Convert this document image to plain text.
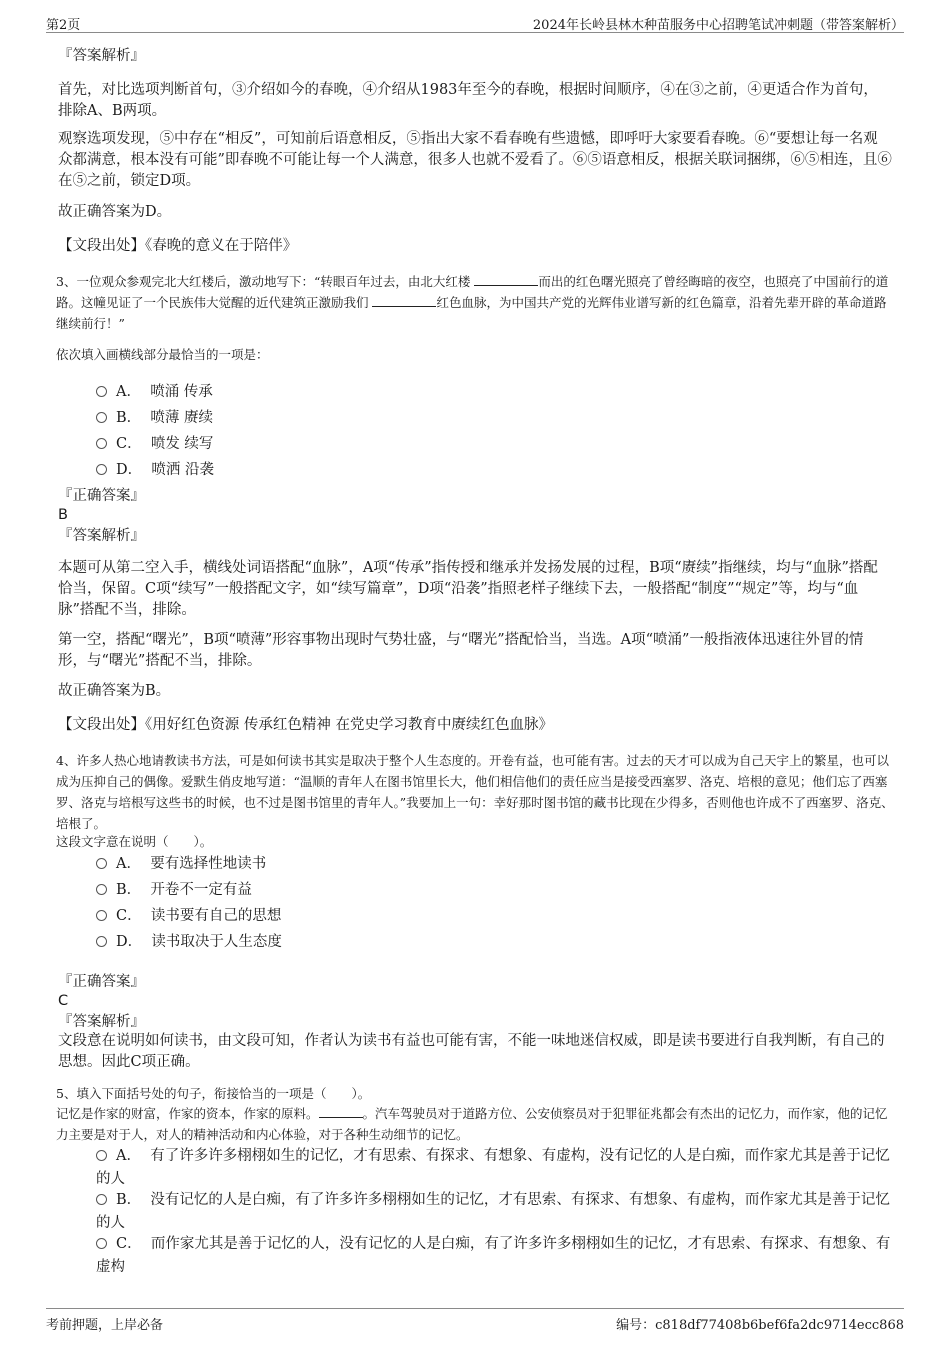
第2页	2024年长岭县林木种苗服务中心招聘笔试冲刺题（带答案解析）
『答案解析』
首先，对比选项判断首句，③介绍如今的春晚，④介绍从1983年至今的春晚，根据时间顺序，④在③之前，④更适合作为首句，排除A、B两项。
观察选项发现，⑤中存在“相反”，可知前后语意相反，⑤指出大家不看春晚有些遗憾，即呼吁大家要看春晚。⑥“要想让每一名观众都满意，根本没有可能”即春晚不可能让每一个人满意，很多人也就不爱看了。⑥⑤语意相反，根据关联词捆绑，⑥⑤相连，且⑥在⑤之前，锁定D项。
故正确答案为D。
【文段出处】《春晚的意义在于陪伴》
3、一位观众参观完北大红楼后，激动地写下：“转眼百年过去，由北大红楼	而出的红色曙光照亮了曾经晦暗的夜空，也照亮了中国前行的道路。这幢见证了一个民族伟大觉醒的近代建筑正激励我们	红色血脉，为中国共产党的光辉伟业谱写新的红色篇章，沿着先辈开辟的革命道路继续前行！”
依次填入画横线部分最恰当的一项是：
A． 喷涌 传承
B． 喷薄 赓续
C． 喷发 续写
D． 喷洒 沿袭
『正确答案』
B
『答案解析』
本题可从第二空入手，横线处词语搭配“血脉”，A项“传承”指传授和继承并发扬发展的过程，B项“赓续”指继续，均与“血脉”搭配恰当，保留。C项“续写”一般搭配文字，如“续写篇章”，D项“沿袭”指照老样子继续下去，一般搭配“制度”“规定”等，均与“血脉”搭配不当，排除。
第一空，搭配“曙光”，B项“喷薄”形容事物出现时气势壮盛，与“曙光”搭配恰当，当选。A项“喷涌”一般指液体迅速往外冒的情形，与“曙光”搭配不当，排除。
故正确答案为B。
【文段出处】《用好红色资源 传承红色精神 在党史学习教育中赓续红色血脉》
4、许多人热心地请教读书方法，可是如何读书其实是取决于整个人生态度的。开卷有益，也可能有害。过去的天才可以成为自己天宇上的繁星，也可以成为压抑自己的偶像。爱默生俏皮地写道：“温顺的青年人在图书馆里长大，他们相信他们的责任应当是接受西塞罗、洛克、培根的意见；他们忘了西塞罗、洛克与培根写这些书的时候，也不过是图书馆里的青年人。”我要加上一句：幸好那时图书馆的藏书比现在少得多，否则他也许成不了西塞罗、洛克、培根了。
这段文字意在说明（　　）。
A． 要有选择性地读书
B． 开卷不一定有益
C． 读书要有自己的思想
D． 读书取决于人生态度
『正确答案』
C
『答案解析』
文段意在说明如何读书，由文段可知，作者认为读书有益也可能有害，不能一味地迷信权威，即是读书要进行自我判断，有自己的思想。因此C项正确。
5、填入下面括号处的句子，衔接恰当的一项是（　　）。
记忆是作家的财富，作家的资本，作家的原料。	。汽车驾驶员对于道路方位、公安侦察员对于犯罪征兆都会有杰出的记忆力，而作家，他的记忆力主要是对于人，对人的精神活动和内心体验，对于各种生动细节的记忆。
A． 有了许多许多栩栩如生的记忆，才有思索、有探求、有想象、有虚构，没有记忆的人是白痴，而作家尤其是善于记忆的人
B． 没有记忆的人是白痴，有了许多许多栩栩如生的记忆，才有思索、有探求、有想象、有虚构，而作家尤其是善于记忆的人
C． 而作家尤其是善于记忆的人，没有记忆的人是白痴，有了许多许多栩栩如生的记忆，才有思索、有探求、有想象、有虚构
考前押题，上岸必备	编号：c818df77408b6bef6fa2dc9714ecc868
